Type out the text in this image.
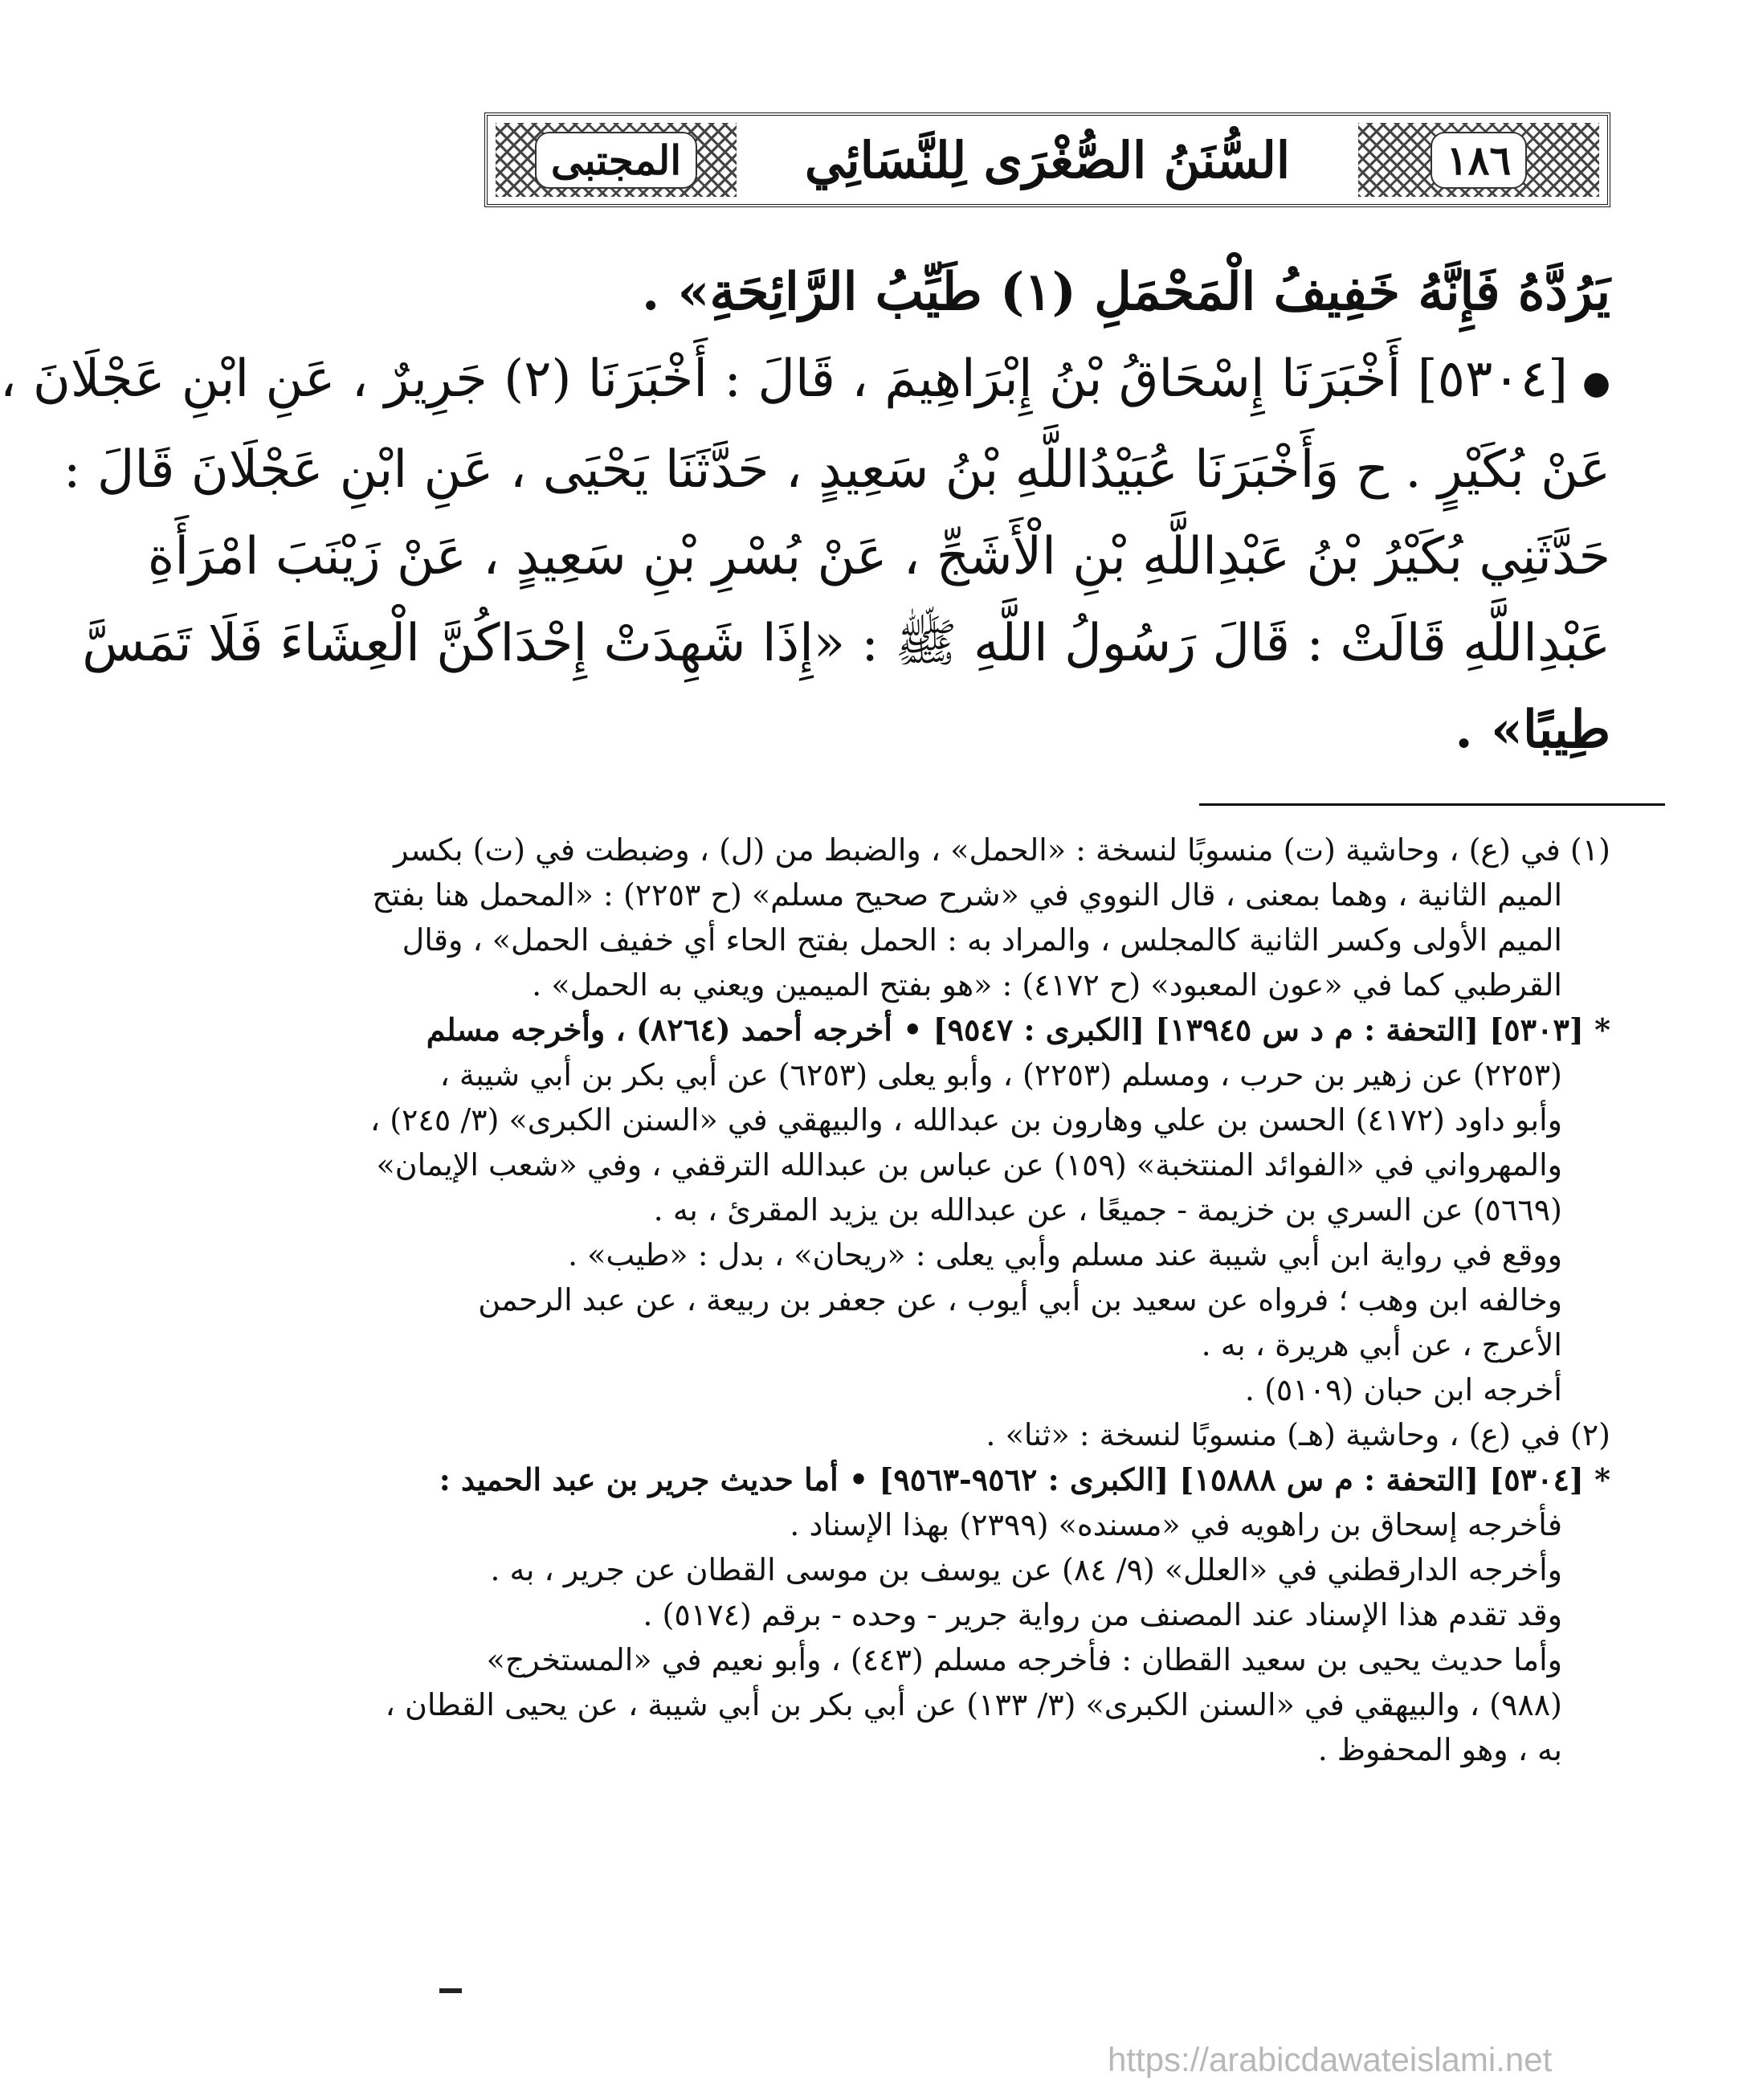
١٨٦
السُّنَنُ الصُّغْرَى لِلنَّسَائِي
المجتبى
يَرُدَّهُ فَإِنَّهُ خَفِيفُ الْمَحْمَلِ (١) طَيِّبُ الرَّائِحَةِ» .
●[٥٣٠٤] أَخْبَرَنَا إِسْحَاقُ بْنُ إِبْرَاهِيمَ ، قَالَ : أَخْبَرَنَا (٢) جَرِيرٌ ، عَنِ ابْنِ عَجْلَانَ ،
عَنْ بُكَيْرٍ . ح وَأَخْبَرَنَا عُبَيْدُاللَّهِ بْنُ سَعِيدٍ ، حَدَّثَنَا يَحْيَى ، عَنِ ابْنِ عَجْلَانَ قَالَ :
حَدَّثَنِي بُكَيْرُ بْنُ عَبْدِاللَّهِ بْنِ الْأَشَجِّ ، عَنْ بُسْرِ بْنِ سَعِيدٍ ، عَنْ زَيْنَبَ امْرَأَةِ
عَبْدِاللَّهِ قَالَتْ : قَالَ رَسُولُ اللَّهِ ﷺ : «إِذَا شَهِدَتْ إِحْدَاكُنَّ الْعِشَاءَ فَلَا تَمَسَّ
طِيبًا» .
(١) في (ع) ، وحاشية (ت) منسوبًا لنسخة : «الحمل» ، والضبط من (ل) ، وضبطت في (ت) بكسر
الميم الثانية ، وهما بمعنى ، قال النووي في «شرح صحيح مسلم» (ح ٢٢٥٣) : «المحمل هنا بفتح
الميم الأولى وكسر الثانية كالمجلس ، والمراد به : الحمل بفتح الحاء أي خفيف الحمل» ، وقال
القرطبي كما في «عون المعبود» (ح ٤١٧٢) : «هو بفتح الميمين ويعني به الحمل» .
* [٥٣٠٣] [التحفة : م د س ١٣٩٤٥] [الكبرى : ٩٥٤٧] • أخرجه أحمد (٨٢٦٤) ، وأخرجه مسلم
(٢٢٥٣) عن زهير بن حرب ، ومسلم (٢٢٥٣) ، وأبو يعلى (٦٢٥٣) عن أبي بكر بن أبي شيبة ،
وأبو داود (٤١٧٢) الحسن بن علي وهارون بن عبدالله ، والبيهقي في «السنن الكبرى» (٣/ ٢٤٥) ،
والمهرواني في «الفوائد المنتخبة» (١٥٩) عن عباس بن عبدالله الترقفي ، وفي «شعب الإيمان»
(٥٦٦٩) عن السري بن خزيمة - جميعًا ، عن عبدالله بن يزيد المقرئ ، به .
ووقع في رواية ابن أبي شيبة عند مسلم وأبي يعلى : «ريحان» ، بدل : «طيب» .
وخالفه ابن وهب ؛ فرواه عن سعيد بن أبي أيوب ، عن جعفر بن ربيعة ، عن عبد الرحمن
الأعرج ، عن أبي هريرة ، به .
أخرجه ابن حبان (٥١٠٩) .
(٢) في (ع) ، وحاشية (هـ) منسوبًا لنسخة : «ثنا» .
* [٥٣٠٤] [التحفة : م س ١٥٨٨٨] [الكبرى : ٩٥٦٢-٩٥٦٣] • أما حديث جرير بن عبد الحميد :
فأخرجه إسحاق بن راهويه في «مسنده» (٢٣٩٩) بهذا الإسناد .
وأخرجه الدارقطني في «العلل» (٩/ ٨٤) عن يوسف بن موسى القطان عن جرير ، به .
وقد تقدم هذا الإسناد عند المصنف من رواية جرير - وحده - برقم (٥١٧٤) .
وأما حديث يحيى بن سعيد القطان : فأخرجه مسلم (٤٤٣) ، وأبو نعيم في «المستخرج»
(٩٨٨) ، والبيهقي في «السنن الكبرى» (٣/ ١٣٣) عن أبي بكر بن أبي شيبة ، عن يحيى القطان ،
به ، وهو المحفوظ .
https://arabicdawateislami.net
